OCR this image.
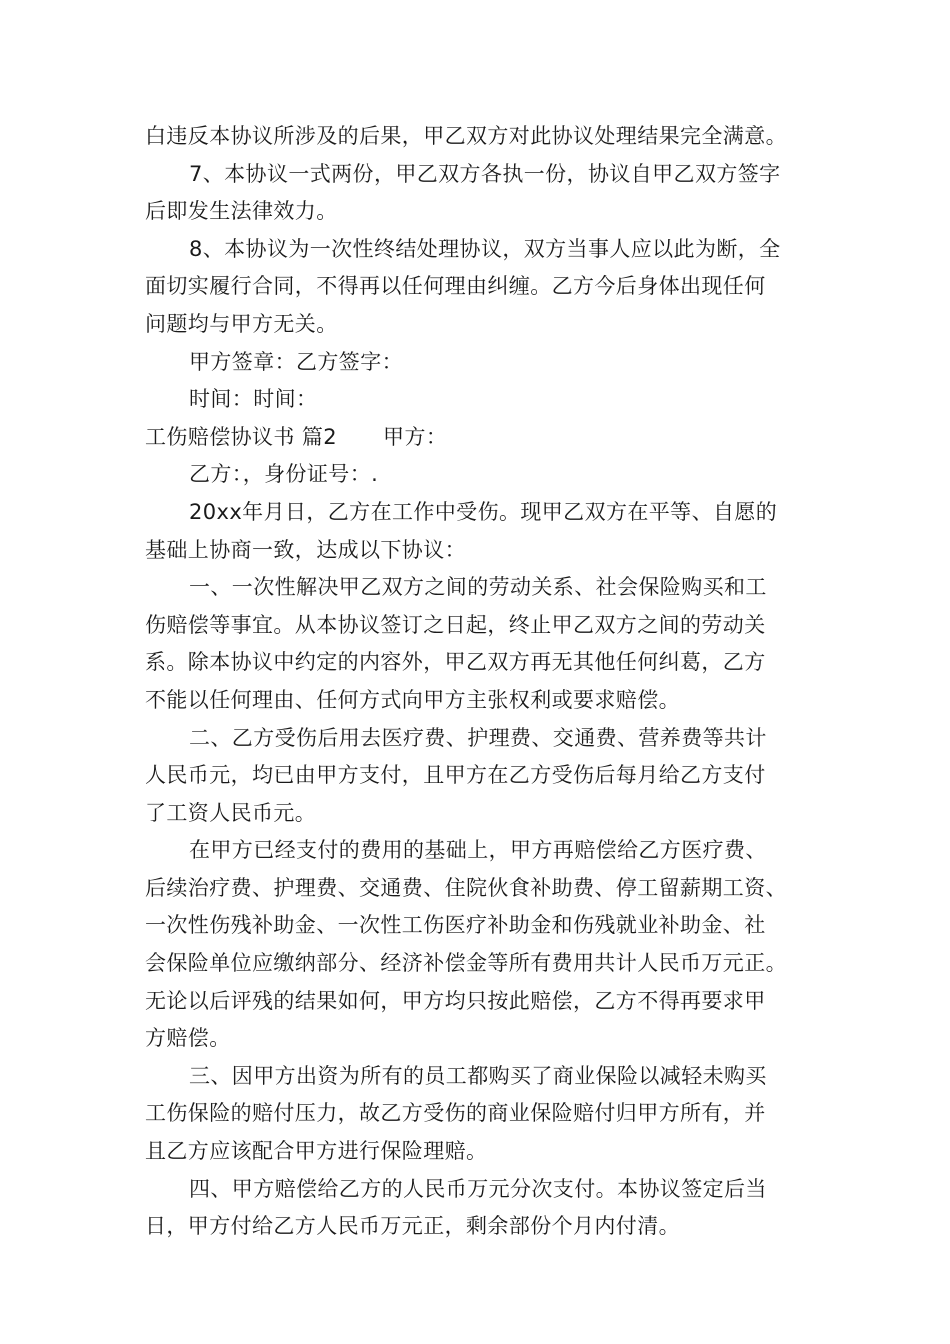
白违反本协议所涉及的后果，甲乙双方对此协议处理结果完全满意。
7、本协议一式两份，甲乙双方各执一份，协议自甲乙双方签字
后即发生法律效力。
8、本协议为一次性终结处理协议，双方当事人应以此为断，全
面切实履行合同，不得再以任何理由纠缠。乙方今后身体出现任何
问题均与甲方无关。
甲方签章：乙方签字：
时间：时间：
工伤赔偿协议书 篇2 甲方：
乙方：，身份证号：.
20xx年月日，乙方在工作中受伤。现甲乙双方在平等、自愿的
基础上协商一致，达成以下协议：
一、一次性解决甲乙双方之间的劳动关系、社会保险购买和工
伤赔偿等事宜。从本协议签订之日起，终止甲乙双方之间的劳动关
系。除本协议中约定的内容外，甲乙双方再无其他任何纠葛，乙方
不能以任何理由、任何方式向甲方主张权利或要求赔偿。
二、乙方受伤后用去医疗费、护理费、交通费、营养费等共计
人民币元，均已由甲方支付，且甲方在乙方受伤后每月给乙方支付
了工资人民币元。
在甲方已经支付的费用的基础上，甲方再赔偿给乙方医疗费、
后续治疗费、护理费、交通费、住院伙食补助费、停工留薪期工资、
一次性伤残补助金、一次性工伤医疗补助金和伤残就业补助金、社
会保险单位应缴纳部分、经济补偿金等所有费用共计人民币万元正。
无论以后评残的结果如何，甲方均只按此赔偿，乙方不得再要求甲
方赔偿。
三、因甲方出资为所有的员工都购买了商业保险以减轻未购买
工伤保险的赔付压力，故乙方受伤的商业保险赔付归甲方所有，并
且乙方应该配合甲方进行保险理赔。
四、甲方赔偿给乙方的人民币万元分次支付。本协议签定后当
日，甲方付给乙方人民币万元正，剩余部份个月内付清。
